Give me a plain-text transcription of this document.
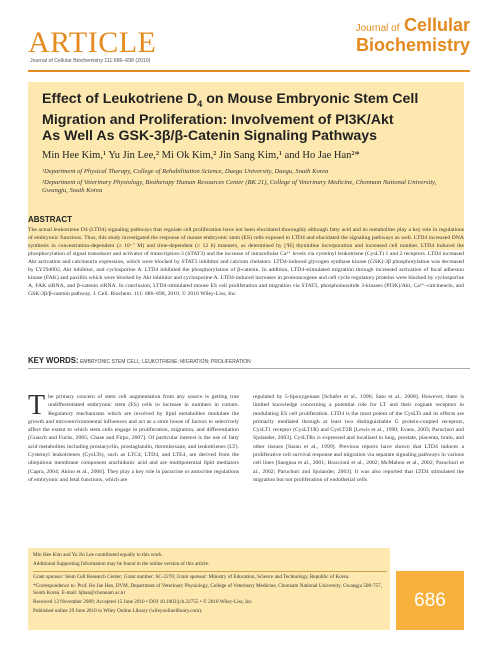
ARTICLE
Journal of Cellular Biochemistry 111:686–698 (2010)
Journal of Cellular
Biochemistry
Effect of Leukotriene $D_4$ on Mouse Embryonic Stem Cell
Migration and Proliferation: Involvement of PI3K/Akt
As Well As GSK-3β/β-Catenin Signaling Pathways
Min Hee Kim,¹ Yu Jin Lee,² Mi Ok Kim,² Jin Sang Kim,¹ and Ho Jae Han²*
¹Department of Physical Therapy, College of Rehabilitation Science, Daegu University, Daegu, South Korea
²Department of Veterinary Physiology, Biotherapy Human Resources Center (BK 21), College of Veterinary Medicine, Chonnam National University, Gwangju, South Korea
ABSTRACT
The actual leukotriene D4 (LTD4) signaling pathways that regulate cell proliferation have not been elucidated thoroughly although fatty acid and its metabolites play a key role in regulations of embryonic functions. Thus, this study investigated the response of mouse embryonic stem (ES) cells exposed to LTD4 and elucidated the signaling pathways as well. LTD4 increased DNA synthesis in concentration-dependent (≥ 10⁻⁷ M) and time-dependent (≥ 12 h) manners, as determined by [³H] thymidine incorporation and increased cell number. LTD4 induced the phosphorylation of signal transducer and activator of transcription-3 (STAT3) and the increase of intracellular Ca²⁺ levels via cysteinyl leukotriene (CysLT) 1 and 2 receptors. LTD4 increased Akt activation and calcineurin expression, which were blocked by STAT3 inhibitor and calcium chelators. LTD4-induced glycogen synthase kinase (GSK)-3β phosphorylation was decreased by LY294002, Akt inhibitor, and cyclosporine A. LTD4 inhibited the phosphorylation of β-catenin. In addition, LTD4-stimulated migration through increased activation of focal adhesion kinase (FAK) and paxillin which were blocked by Akt inhibitor and cyclosporine A. LTD4-induced increases in protooncogene and cell cycle regulatory proteins were blocked by cyclosporine A, FAK siRNA, and β-catenin siRNA. In conclusion, LTD4-stimulated mouse ES cell proliferation and migration via STAT3, phosphoinositide 3-kinases (PI3K)/Akt, Ca²⁺–calcineurin, and GSK-3β/β-catenin pathway. J. Cell. Biochem. 111: 686–698, 2010. © 2010 Wiley-Liss, Inc.
KEY WORDS: EMBRYONIC STEM CELL; LEUKOTRIENE; MIGRATION; PROLIFERATION
The primary concern of stem cell augmentation from any source is getting true undifferentiated embryonic stem (ES) cells to increase in numbers in culture. Regulatory mechanisms which are involved by lipid metabolites modulate the growth and microenvironmental influences and act as a store house of factors to selectively affect the extent to which stem cells engage in proliferation, migration, and differentiation [Guasch and Fuchs, 2005; Chase and Firpo, 2007]. Of particular interest is the use of fatty acid metabolites including prostacyclin, prostaglandin, thromboxane, and leukotrienes (LT). Cysteinyl leukotrienes (CysLTs), such as LTC4, LTD4, and LTE4, are derived from the ubiquitous membrane component arachidonic acid and are multipotential lipid mediators [Capra, 2004; Akino et al., 2006]. They play a key role in paracrine or autocrine regulations of embryonic and fetal functions, which are
regulated by 5-lipoxygenase [Schafer et al., 1996; Sato et al., 2008]. However, there is limited knowledge concerning a potential role for LT and their cognate receptors in modulating ES cell proliferation. LTD4 is the most potent of the CysLTs and its effects are primarily mediated through at least two distinguishable G protein-coupled receptors, CysLT1 receptor (CysLT1R) and CysLT2R [Lewis et al., 1990; Evans, 2003; Paruchuri and Sjolander, 2003]. CysLTRs is expressed and localized in lung, prostate, placenta, brain, and other tissues [Sarau et al., 1999]. Previous reports have shown that LTD4 induces a proliferative cell survival response and migration via separate signaling pathways in various cell lines [Saegusa et al., 2001; Braccioni et al., 2002; McMahon et al., 2002; Paruchuri et al., 2002; Paruchuri and Sjolander, 2003]. It was also reported that LTD4 stimulated the migration but not proliferation of endothelial cells
Min Hee Kim and Yu Jin Lee contributed equally to this work.
Additional Supporting Information may be found in the online version of this article.
Grant sponsor: Stem Cell Research Center; Grant number: SC-2270; Grant sponsor: Ministry of Education, Science and Technology, Republic of Korea.
*Correspondence to: Prof. Ho Jae Han, DVM, Department of Veterinary Physiology, College of Veterinary Medicine, Chonnam National University, Gwangju 500-757, South Korea. E-mail: hjhan@chonnam.ac.kr
Received 13 November 2009; Accepted 15 June 2010 • DOI 10.1002/jcb.22755 • © 2010 Wiley-Liss, Inc.
Published online 29 June 2010 in Wiley Online Library (wileyonlinelibrary.com).	686
